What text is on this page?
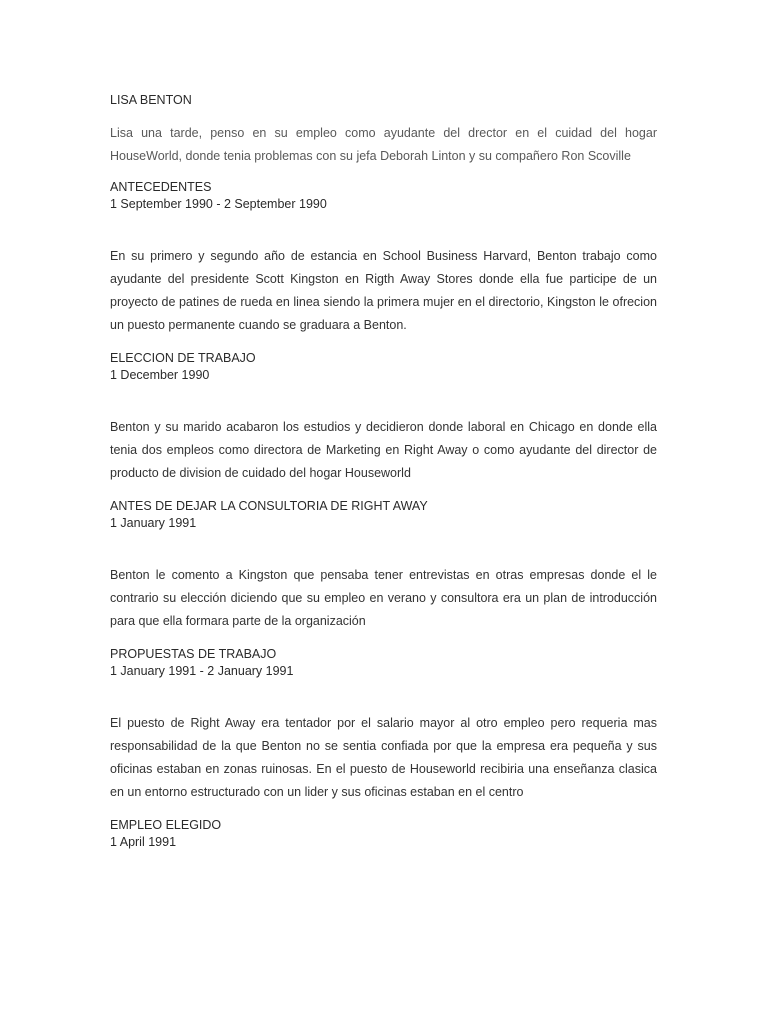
LISA BENTON

Lisa una tarde, penso en su empleo como ayudante del drector en el cuidad del hogar HouseWorld, donde tenia problemas con su jefa Deborah Linton y su compañero Ron Scoville

ANTECEDENTES

1 September 1990 - 2 September 1990

En su primero y segundo año de estancia en School Business Harvard, Benton trabajo como ayudante del presidente Scott Kingston en Rigth Away Stores donde ella fue participe de un proyecto de patines de rueda en linea siendo la primera mujer en el directorio, Kingston le ofrecion un puesto permanente cuando se graduara a Benton.

ELECCION DE TRABAJO

1 December 1990

Benton y su marido acabaron los estudios y decidieron donde laboral en Chicago en donde ella tenia dos empleos como directora de Marketing en Right Away o como ayudante del director de producto de division de cuidado del hogar Houseworld

ANTES DE DEJAR LA CONSULTORIA DE RIGHT AWAY

1 January 1991

Benton le comento a Kingston que pensaba tener entrevistas en otras empresas donde el le contrario su elección diciendo que su empleo en verano y consultora era un plan de introducción para que ella formara parte de la organización

PROPUESTAS DE TRABAJO

1 January 1991 - 2 January 1991

El puesto de Right Away era tentador por el salario mayor al otro empleo pero requeria mas responsabilidad de la que Benton no se sentia confiada por que la empresa era pequeña y sus oficinas estaban en zonas ruinosas. En el puesto de Houseworld recibiria una enseñanza clasica en un entorno estructurado con un lider y sus oficinas estaban en el centro

EMPLEO ELEGIDO

1 April 1991
